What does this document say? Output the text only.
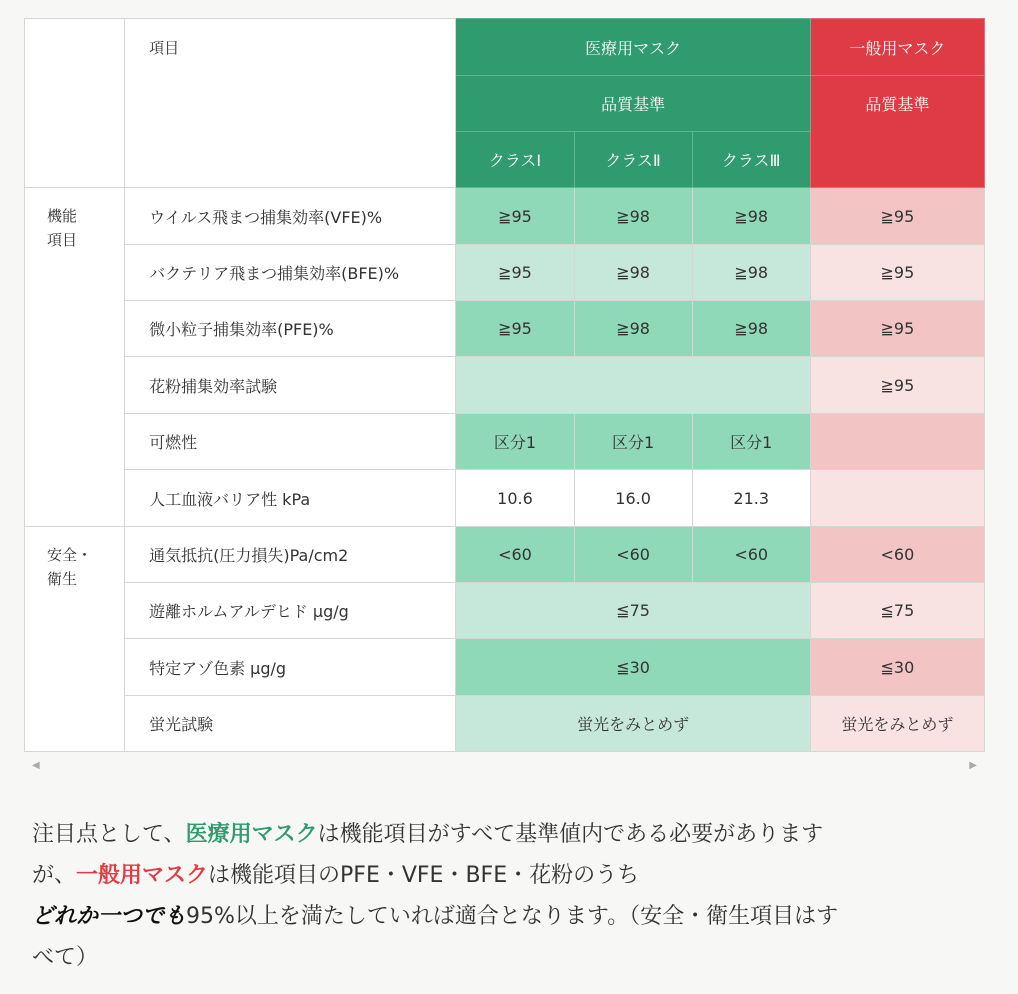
	項目	医療用マスク			一般用マスク
		品質基準			品質基準
		クラスⅠ	クラスⅡ	クラスⅢ	

機能
項目	ウイルス飛まつ捕集効率(VFE)%	≧95	≧98	≧98	≧95
	バクテリア飛まつ捕集効率(BFE)%	≧95	≧98	≧98	≧95
	微小粒子捕集効率(PFE)%	≧95	≧98	≧98	≧95
	花粉捕集効率試験				≧95
	可燃性	区分1	区分1	区分1	
	人工血液バリア性 kPa	10.6	16.0	21.3	

安全・
衛生	通気抵抗(圧力損失)Pa/cm2	<60	<60	<60	<60
	遊離ホルムアルデヒド μg/g	≦75			≦75
	特定アゾ色素 μg/g	≦30			≦30
	蛍光試験	蛍光をみとめず			蛍光をみとめず
◀	▶
注目点として、医療用マスクは機能項目がすべて基準値内である必要があります
が、一般用マスクは機能項目のPFE・VFE・BFE・花粉のうち
どれか一つでも95%以上を満たしていれば適合となります。（安全・衛生項目はす
べて）
